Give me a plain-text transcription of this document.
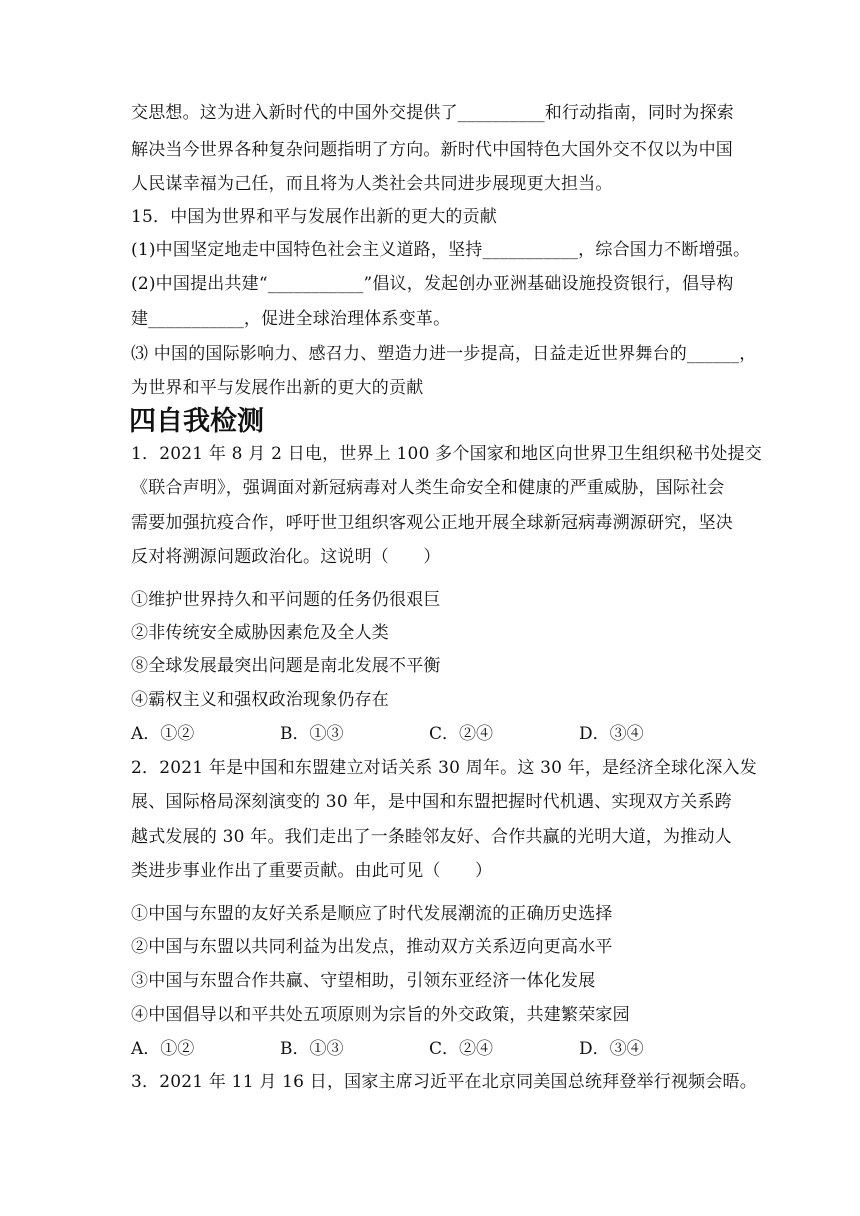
交思想。这为进入新时代的中国外交提供了__________和行动指南，同时为探索
解决当今世界各种复杂问题指明了方向。新时代中国特色大国外交不仅以为中国
人民谋幸福为己任，而且将为人类社会共同进步展现更大担当。
15．中国为世界和平与发展作出新的更大的贡献
(1)中国坚定地走中国特色社会主义道路，坚持___________，综合国力不断增强。
(2)中国提出共建“___________”倡议，发起创办亚洲基础设施投资银行，倡导构
建___________，促进全球治理体系变革。
⑶ 中国的国际影响力、感召力、塑造力进一步提高，日益走近世界舞台的______，
为世界和平与发展作出新的更大的贡献
四自我检测
1．2021 年 8 月 2 日电，世界上 100 多个国家和地区向世界卫生组织秘书处提交
《联合声明》，强调面对新冠病毒对人类生命安全和健康的严重威胁，国际社会
需要加强抗疫合作，呼吁世卫组织客观公正地开展全球新冠病毒溯源研究，坚决
反对将溯源问题政治化。这说明（　　）
①维护世界持久和平问题的任务仍很艰巨
②非传统安全威胁因素危及全人类
⑧全球发展最突出问题是南北发展不平衡
④霸权主义和强权政治现象仍存在
A．①②	B．①③	C．②④	D．③④
2．2021 年是中国和东盟建立对话关系 30 周年。这 30 年，是经济全球化深入发
展、国际格局深刻演变的 30 年，是中国和东盟把握时代机遇、实现双方关系跨
越式发展的 30 年。我们走出了一条睦邻友好、合作共赢的光明大道，为推动人
类进步事业作出了重要贡献。由此可见（　　）
①中国与东盟的友好关系是顺应了时代发展潮流的正确历史选择
②中国与东盟以共同利益为出发点，推动双方关系迈向更高水平
③中国与东盟合作共赢、守望相助，引领东亚经济一体化发展
④中国倡导以和平共处五项原则为宗旨的外交政策，共建繁荣家园
A．①②	B．①③	C．②④	D．③④
3．2021 年 11 月 16 日，国家主席习近平在北京同美国总统拜登举行视频会晤。
